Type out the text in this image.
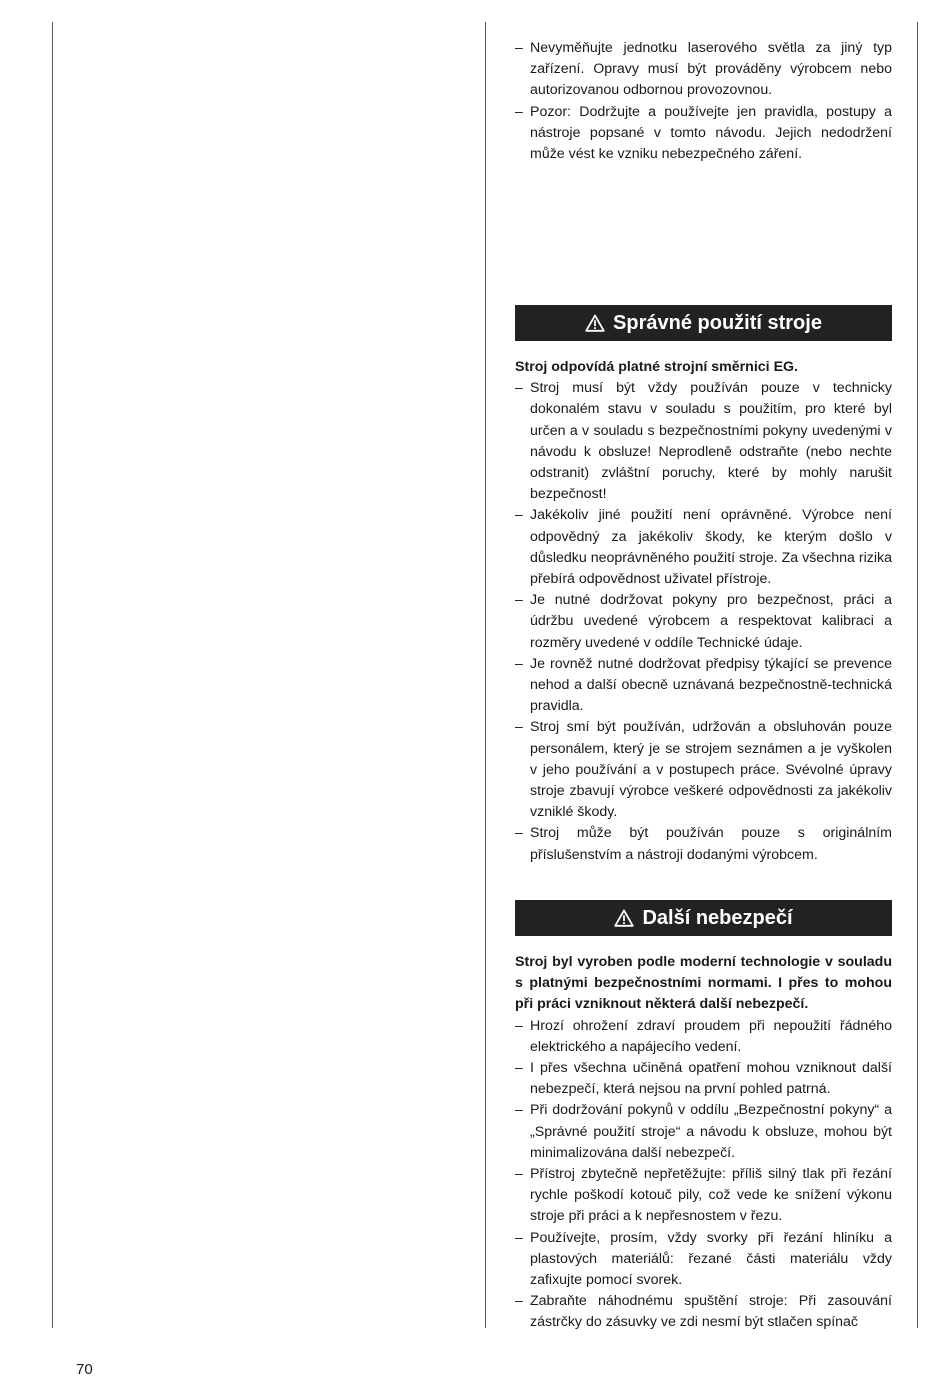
– Nevyměňujte jednotku laserového světla za jiný typ zařízení. Opravy musí být prováděny výrobcem nebo autorizovanou odbornou provozovnou.
– Pozor: Dodržujte a používejte jen pravidla, postupy a nástroje popsané v tomto návodu. Jejich nedodržení může vést ke vzniku nebezpečného záření.
Správné použití stroje

Stroj odpovídá platné strojní směrnici EG.

– Stroj musí být vždy používán pouze v technicky dokonalém stavu v souladu s použitím, pro které byl určen a v souladu s bezpečnostními pokyny uvedenými v návodu k obsluze! Neprodleně odstraňte (nebo nechte odstranit) zvláštní poruchy, které by mohly narušit bezpečnost!
– Jakékoliv jiné použití není oprávněné. Výrobce není odpovědný za jakékoliv škody, ke kterým došlo v důsledku neoprávněného použití stroje. Za všechna rizika přebírá odpovědnost uživatel přístroje.
– Je nutné dodržovat pokyny pro bezpečnost, práci a údržbu uvedené výrobcem a respektovat kalibraci a rozměry uvedené v oddíle Technické údaje.
– Je rovněž nutné dodržovat předpisy týkající se prevence nehod a další obecně uznávaná bezpečnostně-technická pravidla.
– Stroj smí být používán, udržován a obsluhován pouze personálem, který je se strojem seznámen a je vyškolen v jeho používání a v postupech práce. Svévolné úpravy stroje zbavují výrobce veškeré odpovědnosti za jakékoliv vzniklé škody.
– Stroj může být používán pouze s originálním příslušenstvím a nástroji dodanými výrobcem.
Další nebezpečí

Stroj byl vyroben podle moderní technologie v souladu s platnými bezpečnostními normami. I přes to mohou při práci vzniknout některá další nebezpečí.

– Hrozí ohrožení zdraví proudem při nepoužití řádného elektrického a napájecího vedení.
– I přes všechna učiněná opatření mohou vzniknout další nebezpečí, která nejsou na první pohled patrná.
– Při dodržování pokynů v oddílu „Bezpečnostní pokyny“ a „Správné použití stroje“ a návodu k obsluze, mohou být minimalizována další nebezpečí.
– Přístroj zbytečně nepřetěžujte: příliš silný tlak při řezání rychle poškodí kotouč pily, což vede ke snížení výkonu stroje při práci a k nepřesnostem v řezu.
– Používejte, prosím, vždy svorky při řezání hliníku a plastových materiálů: řezané části materiálu vždy zafixujte pomocí svorek.
– Zabraňte náhodnému spuštění stroje: Při zasouvání zástrčky do zásuvky ve zdi nesmí být stlačen spínač
70
